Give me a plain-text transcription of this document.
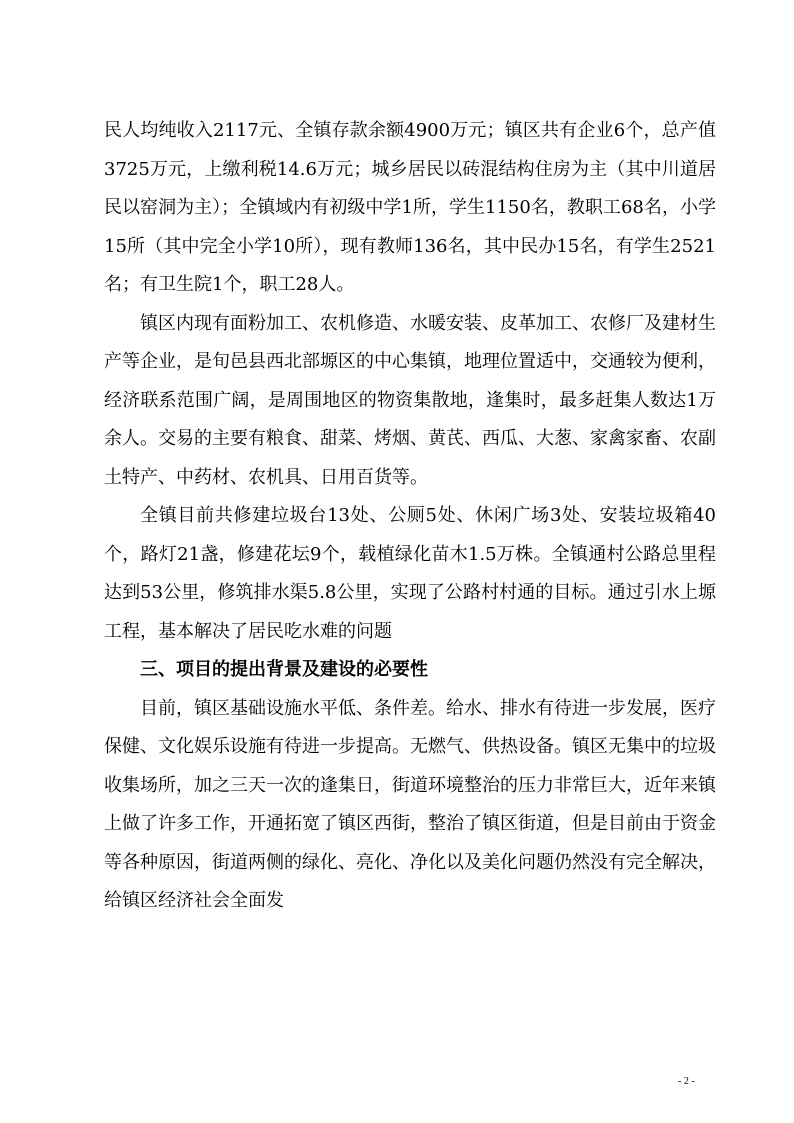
民人均纯收入2117元、全镇存款余额4900万元；镇区共有企业6个，总产值3725万元，上缴利税14.6万元；城乡居民以砖混结构住房为主（其中川道居民以窑洞为主）；全镇域内有初级中学1所，学生1150名，教职工68名，小学15所（其中完全小学10所），现有教师136名，其中民办15名，有学生2521名；有卫生院1个，职工28人。

镇区内现有面粉加工、农机修造、水暖安装、皮革加工、农修厂及建材生产等企业，是旬邑县西北部塬区的中心集镇，地理位置适中，交通较为便利，经济联系范围广阔，是周围地区的物资集散地，逢集时，最多赶集人数达1万余人。交易的主要有粮食、甜菜、烤烟、黄芪、西瓜、大葱、家禽家畜、农副土特产、中药材、农机具、日用百货等。

全镇目前共修建垃圾台13处、公厕5处、休闲广场3处、安装垃圾箱40个，路灯21盏，修建花坛9个，载植绿化苗木1.5万株。全镇通村公路总里程达到53公里，修筑排水渠5.8公里，实现了公路村村通的目标。通过引水上塬工程，基本解决了居民吃水难的问题

三、项目的提出背景及建设的必要性

目前，镇区基础设施水平低、条件差。给水、排水有待进一步发展，医疗保健、文化娱乐设施有待进一步提高。无燃气、供热设备。镇区无集中的垃圾收集场所，加之三天一次的逢集日，街道环境整治的压力非常巨大，近年来镇上做了许多工作，开通拓宽了镇区西街，整治了镇区街道，但是目前由于资金等各种原因，街道两侧的绿化、亮化、净化以及美化问题仍然没有完全解决，给镇区经济社会全面发

- 2 -
